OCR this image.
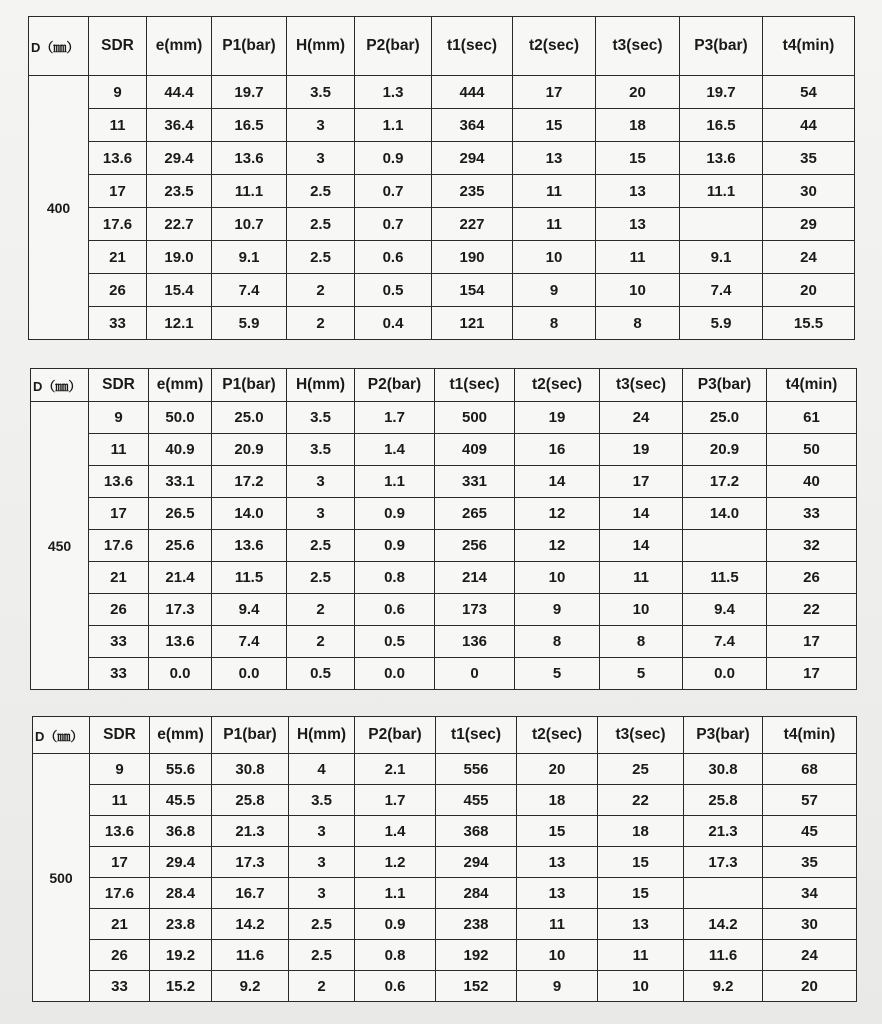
D（㎜）	SDR	e(mm)	P1(bar)	H(mm)	P2(bar)	t1(sec)	t2(sec)	t3(sec)	P3(bar)	t4(min)
400	9	44.4	19.7	3.5	1.3	444	17	20	19.7	54
	11	36.4	16.5	3	1.1	364	15	18	16.5	44
	13.6	29.4	13.6	3	0.9	294	13	15	13.6	35
	17	23.5	11.1	2.5	0.7	235	11	13	11.1	30
	17.6	22.7	10.7	2.5	0.7	227	11	13		29
	21	19.0	9.1	2.5	0.6	190	10	11	9.1	24
	26	15.4	7.4	2	0.5	154	9	10	7.4	20
	33	12.1	5.9	2	0.4	121	8	8	5.9	15.5
D（㎜）	SDR	e(mm)	P1(bar)	H(mm)	P2(bar)	t1(sec)	t2(sec)	t3(sec)	P3(bar)	t4(min)
450	9	50.0	25.0	3.5	1.7	500	19	24	25.0	61
	11	40.9	20.9	3.5	1.4	409	16	19	20.9	50
	13.6	33.1	17.2	3	1.1	331	14	17	17.2	40
	17	26.5	14.0	3	0.9	265	12	14	14.0	33
	17.6	25.6	13.6	2.5	0.9	256	12	14		32
	21	21.4	11.5	2.5	0.8	214	10	11	11.5	26
	26	17.3	9.4	2	0.6	173	9	10	9.4	22
	33	13.6	7.4	2	0.5	136	8	8	7.4	17
	33	0.0	0.0	0.5	0.0	0	5	5	0.0	17
D（㎜）	SDR	e(mm)	P1(bar)	H(mm)	P2(bar)	t1(sec)	t2(sec)	t3(sec)	P3(bar)	t4(min)
500	9	55.6	30.8	4	2.1	556	20	25	30.8	68
	11	45.5	25.8	3.5	1.7	455	18	22	25.8	57
	13.6	36.8	21.3	3	1.4	368	15	18	21.3	45
	17	29.4	17.3	3	1.2	294	13	15	17.3	35
	17.6	28.4	16.7	3	1.1	284	13	15		34
	21	23.8	14.2	2.5	0.9	238	11	13	14.2	30
	26	19.2	11.6	2.5	0.8	192	10	11	11.6	24
	33	15.2	9.2	2	0.6	152	9	10	9.2	20
